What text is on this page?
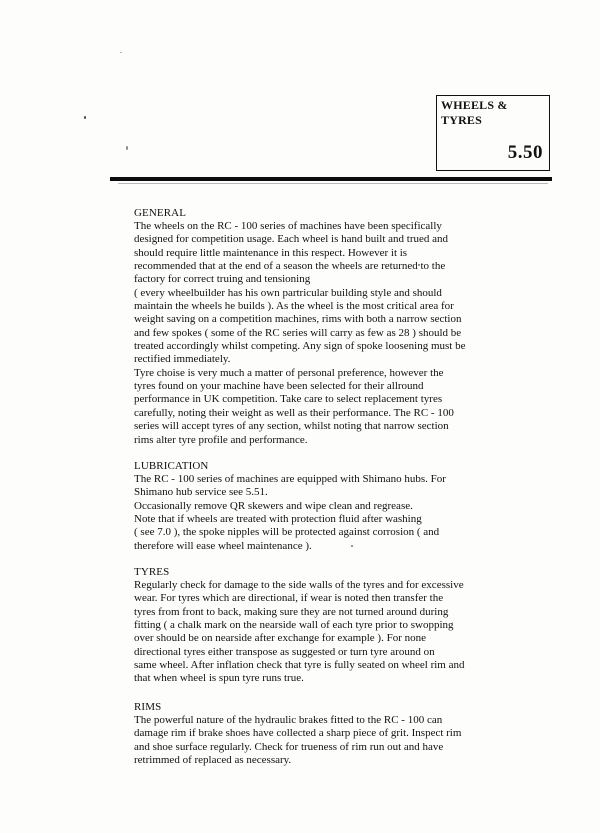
WHEELS &
TYRES
5.50
GENERAL
The wheels on the RC - 100 series of machines have been specifically
designed for competition usage. Each wheel is hand built and trued and
should require little maintenance in this respect. However it is
recommended that at the end of a season the wheels are returned to the
factory for correct truing and tensioning
( every wheelbuilder has his own partricular building style and should
maintain the wheels he builds ). As the wheel is the most critical area for
weight saving on a competition machines, rims with both a narrow section
and few spokes ( some of the RC series will carry as few as 28 ) should be
treated accordingly whilst competing. Any sign of spoke loosening must be
rectified immediately.
Tyre choise is very much a matter of personal preference, however the
tyres found on your machine have been selected for their allround
performance in UK competition. Take care to select replacement tyres
carefully, noting their weight as well as their performance. The RC - 100
series will accept tyres of any section, whilst noting that narrow section
rims alter tyre profile and performance.
LUBRICATION
The RC - 100 series of machines are equipped with Shimano hubs. For
Shimano hub service see 5.51.
Occasionally remove QR skewers and wipe clean and regrease.
Note that if wheels are treated with protection fluid after washing
( see 7.0 ), the spoke nipples will be protected against corrosion ( and
therefore will ease wheel maintenance ).
TYRES
Regularly check for damage to the side walls of the tyres and for excessive
wear. For tyres which are directional, if wear is noted then transfer the
tyres from front to back, making sure they are not turned around during
fitting ( a chalk mark on the nearside wall of each tyre prior to swopping
over should be on nearside after exchange for example ). For none
directional tyres either transpose as suggested or turn tyre around on
same wheel. After inflation check that tyre is fully seated on wheel rim and
that when wheel is spun tyre runs true.
RIMS
The powerful nature of the hydraulic brakes fitted to the RC - 100 can
damage rim if brake shoes have collected a sharp piece of grit. Inspect rim
and shoe surface regularly. Check for trueness of rim run out and have
retrimmed of replaced as necessary.
